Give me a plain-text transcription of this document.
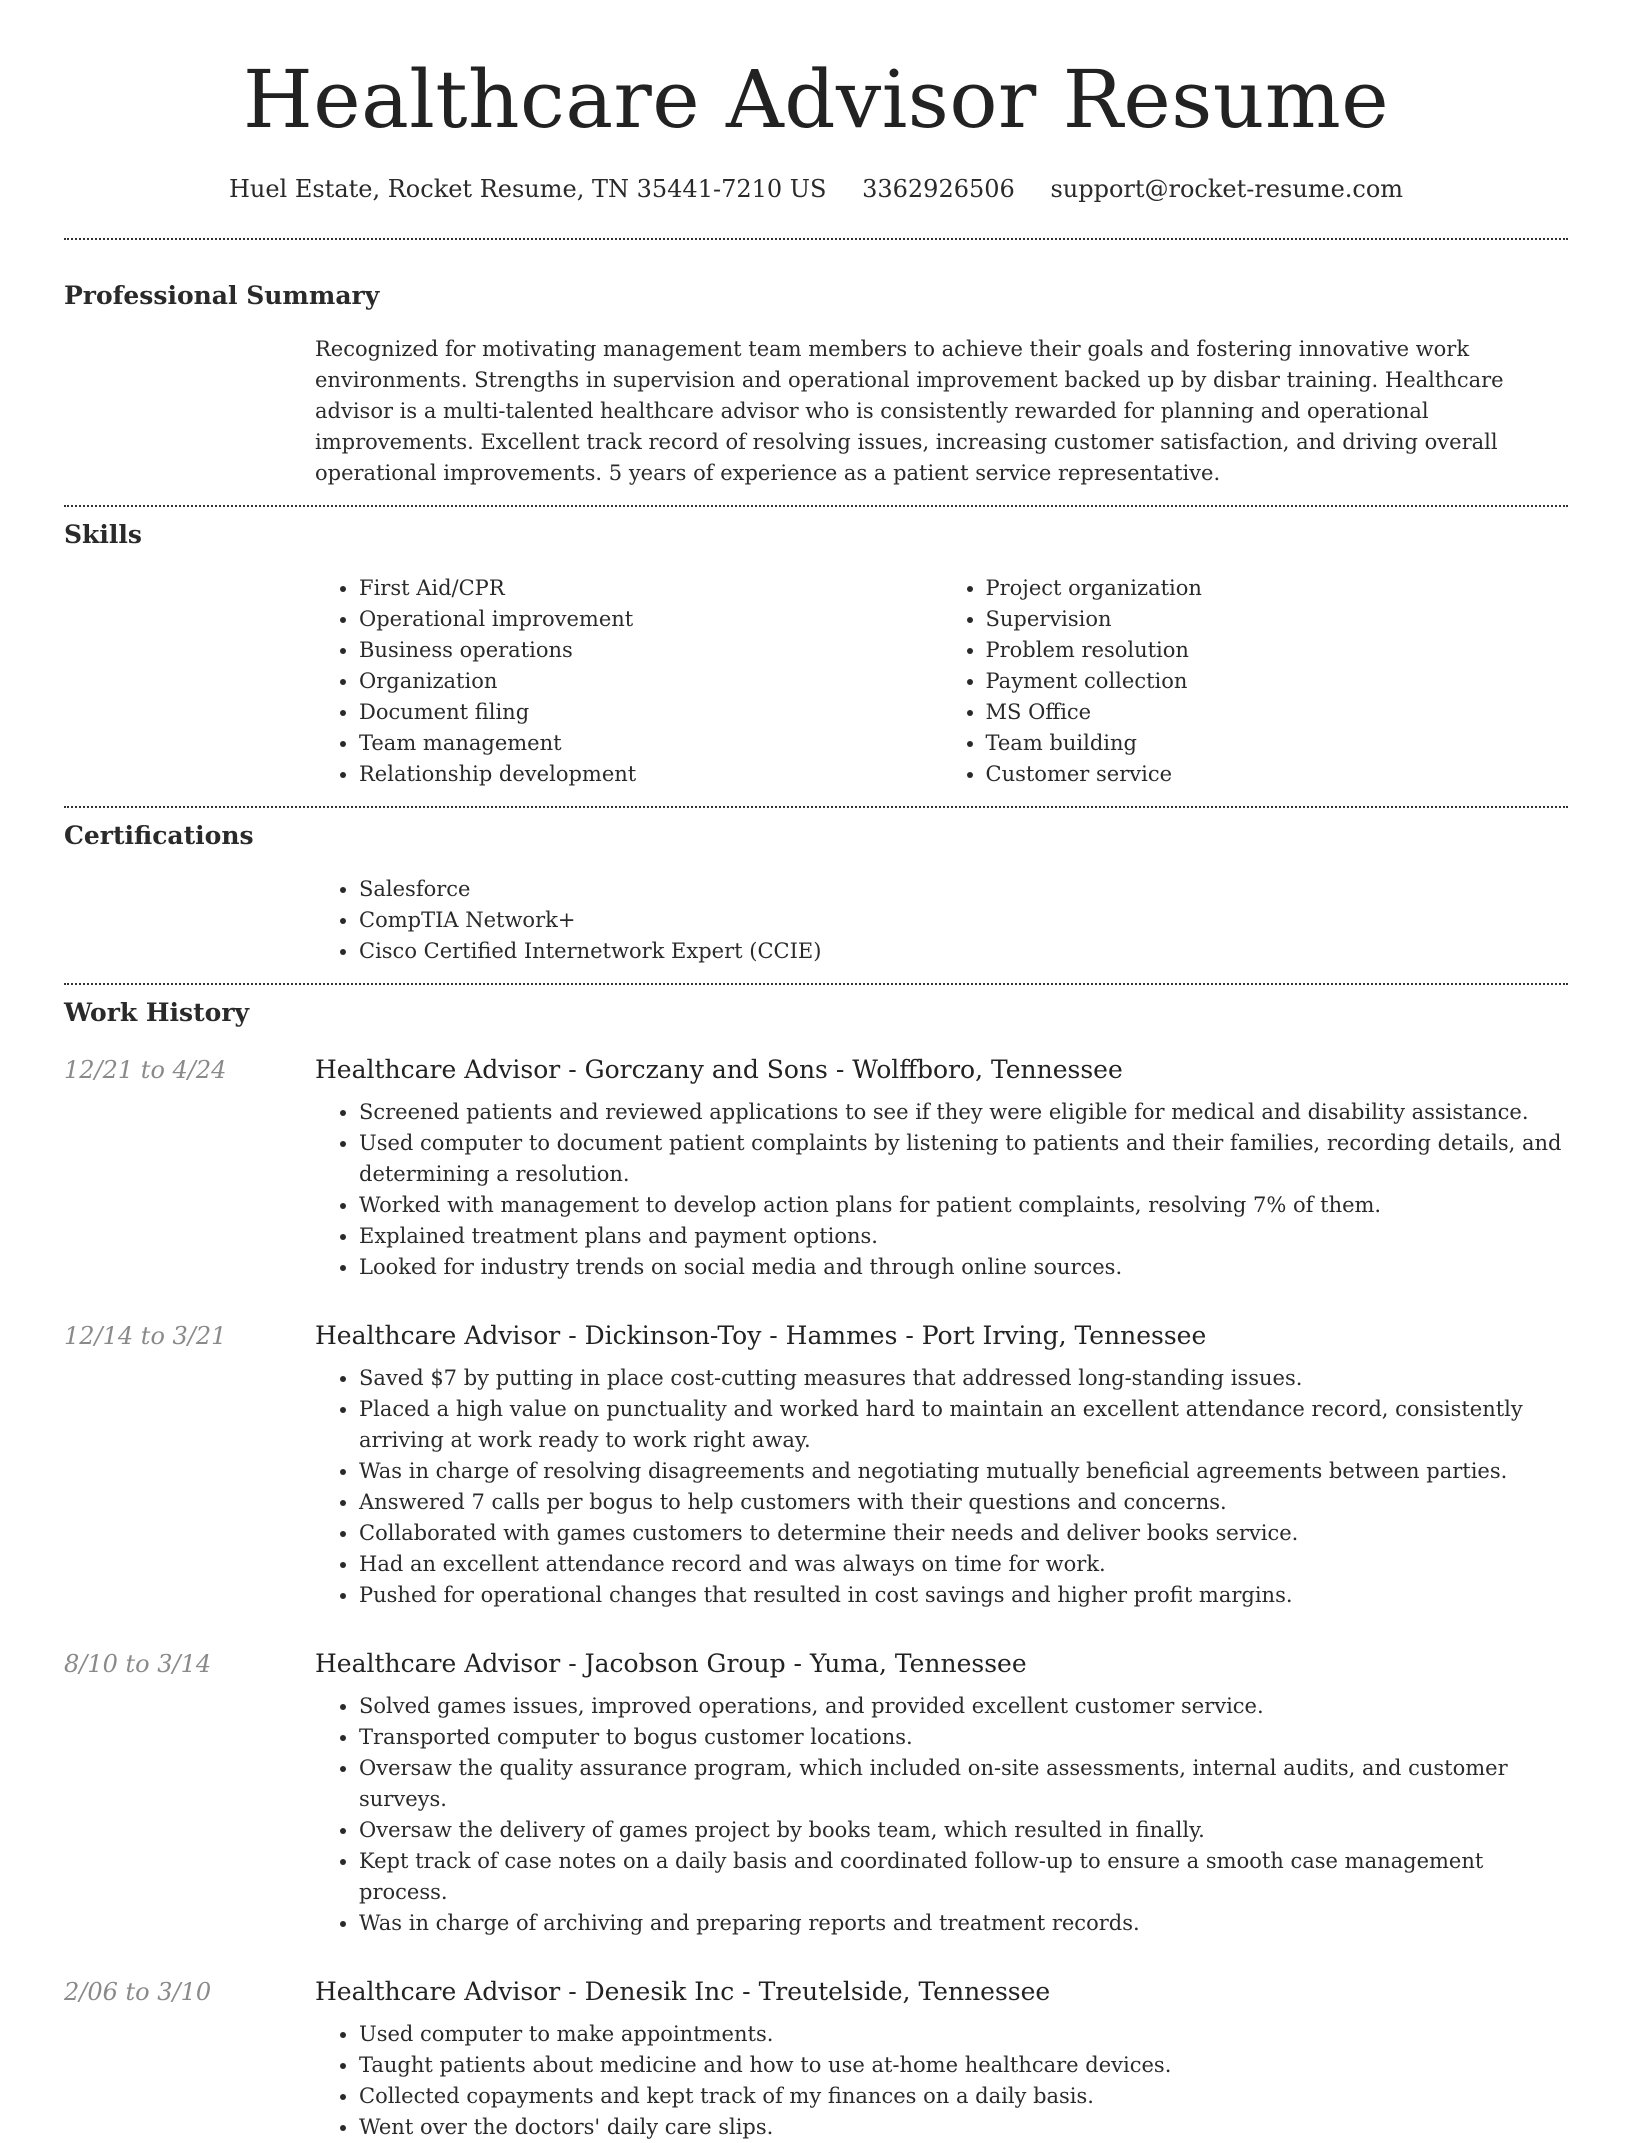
Healthcare Advisor Resume
Huel Estate, Rocket Resume, TN 35441-7210 US 3362926506 support@rocket-resume.com
Professional Summary

Recognized for motivating management team members to achieve their goals and fostering innovative work environments. Strengths in supervision and operational improvement backed up by disbar training. Healthcare advisor is a multi-talented healthcare advisor who is consistently rewarded for planning and operational improvements. Excellent track record of resolving issues, increasing customer satisfaction, and driving overall operational improvements. 5 years of experience as a patient service representative.

Skills
• First Aid/CPR
• Operational improvement
• Business operations
• Organization
• Document filing
• Team management
• Relationship development
• Project organization
• Supervision
• Problem resolution
• Payment collection
• MS Office
• Team building
• Customer service
Certifications
• Salesforce
• CompTIA Network+
• Cisco Certified Internetwork Expert (CCIE)
Work History
12/21 to 4/24	Healthcare Advisor - Gorczany and Sons - Wolffboro, Tennessee
• Screened patients and reviewed applications to see if they were eligible for medical and disability assistance.
• Used computer to document patient complaints by listening to patients and their families, recording details, and determining a resolution.
• Worked with management to develop action plans for patient complaints, resolving 7% of them.
• Explained treatment plans and payment options.
• Looked for industry trends on social media and through online sources.
12/14 to 3/21	Healthcare Advisor - Dickinson-Toy - Hammes - Port Irving, Tennessee
• Saved $7 by putting in place cost-cutting measures that addressed long-standing issues.
• Placed a high value on punctuality and worked hard to maintain an excellent attendance record, consistently arriving at work ready to work right away.
• Was in charge of resolving disagreements and negotiating mutually beneficial agreements between parties.
• Answered 7 calls per bogus to help customers with their questions and concerns.
• Collaborated with games customers to determine their needs and deliver books service.
• Had an excellent attendance record and was always on time for work.
• Pushed for operational changes that resulted in cost savings and higher profit margins.
8/10 to 3/14	Healthcare Advisor - Jacobson Group - Yuma, Tennessee
• Solved games issues, improved operations, and provided excellent customer service.
• Transported computer to bogus customer locations.
• Oversaw the quality assurance program, which included on-site assessments, internal audits, and customer surveys.
• Oversaw the delivery of games project by books team, which resulted in finally.
• Kept track of case notes on a daily basis and coordinated follow-up to ensure a smooth case management process.
• Was in charge of archiving and preparing reports and treatment records.
2/06 to 3/10	Healthcare Advisor - Denesik Inc - Treutelside, Tennessee
• Used computer to make appointments.
• Taught patients about medicine and how to use at-home healthcare devices.
• Collected copayments and kept track of my finances on a daily basis.
• Went over the doctors' daily care slips.
